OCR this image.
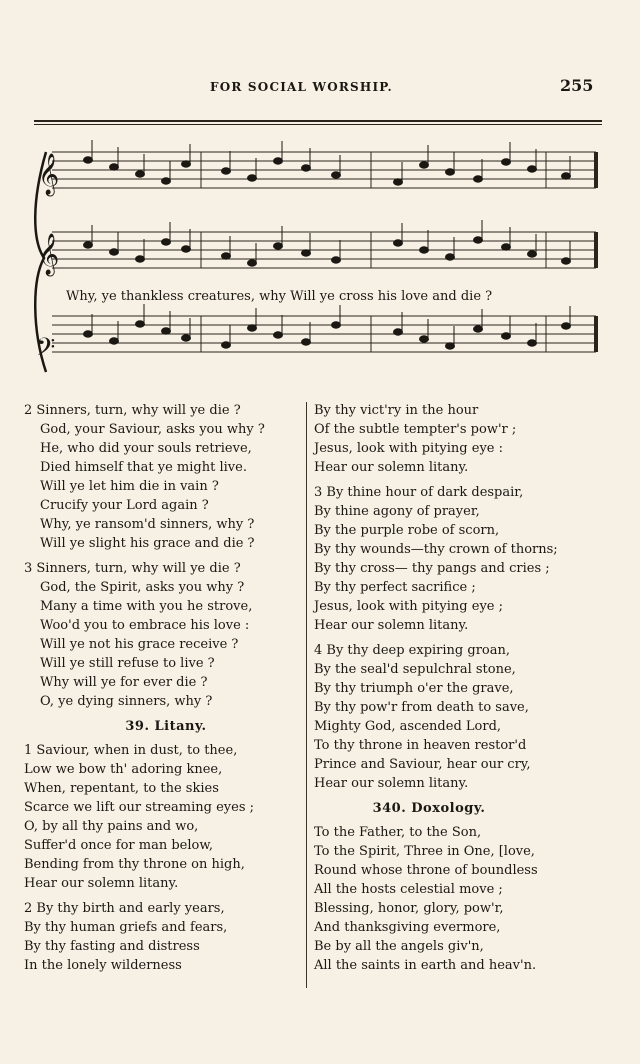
FOR SOCIAL WORSHIP.	255
𝄞
𝄞
𝄢
Why, ye thankless creatures, why Will ye cross his love and die ?
2 Sinners, turn, why will ye die ?
God, your Saviour, asks you why ?
He, who did your souls retrieve,
Died himself that ye might live.
Will ye let him die in vain ?
Crucify your Lord again ?
Why, ye ransom'd sinners, why ?
Will ye slight his grace and die ?
3 Sinners, turn, why will ye die ?
God, the Spirit, asks you why ?
Many a time with you he strove,
Woo'd you to embrace his love :
Will ye not his grace receive ?
Will ye still refuse to live ?
Why will ye for ever die ?
O, ye dying sinners, why ?
39. Litany.
1 Saviour, when in dust, to thee,
Low we bow th' adoring knee,
When, repentant, to the skies
Scarce we lift our streaming eyes ;
O, by all thy pains and wo,
Suffer'd once for man below,
Bending from thy throne on high,
Hear our solemn litany.
2 By thy birth and early years,
By thy human griefs and fears,
By thy fasting and distress
In the lonely wilderness
By thy vict'ry in the hour
Of the subtle tempter's pow'r ;
Jesus, look with pitying eye :
Hear our solemn litany.
3 By thine hour of dark despair,
By thine agony of prayer,
By the purple robe of scorn,
By thy wounds—thy crown of thorns;
By thy cross— thy pangs and cries ;
By thy perfect sacrifice ;
Jesus, look with pitying eye ;
Hear our solemn litany.
4 By thy deep expiring groan,
By the seal'd sepulchral stone,
By thy triumph o'er the grave,
By thy pow'r from death to save,
Mighty God, ascended Lord,
To thy throne in heaven restor'd
Prince and Saviour, hear our cry,
Hear our solemn litany.
340. Doxology.
To the Father, to the Son,
To the Spirit, Three in One, [love,
Round whose throne of boundless
All the hosts celestial move ;
Blessing, honor, glory, pow'r,
And thanksgiving evermore,
Be by all the angels giv'n,
All the saints in earth and heav'n.
